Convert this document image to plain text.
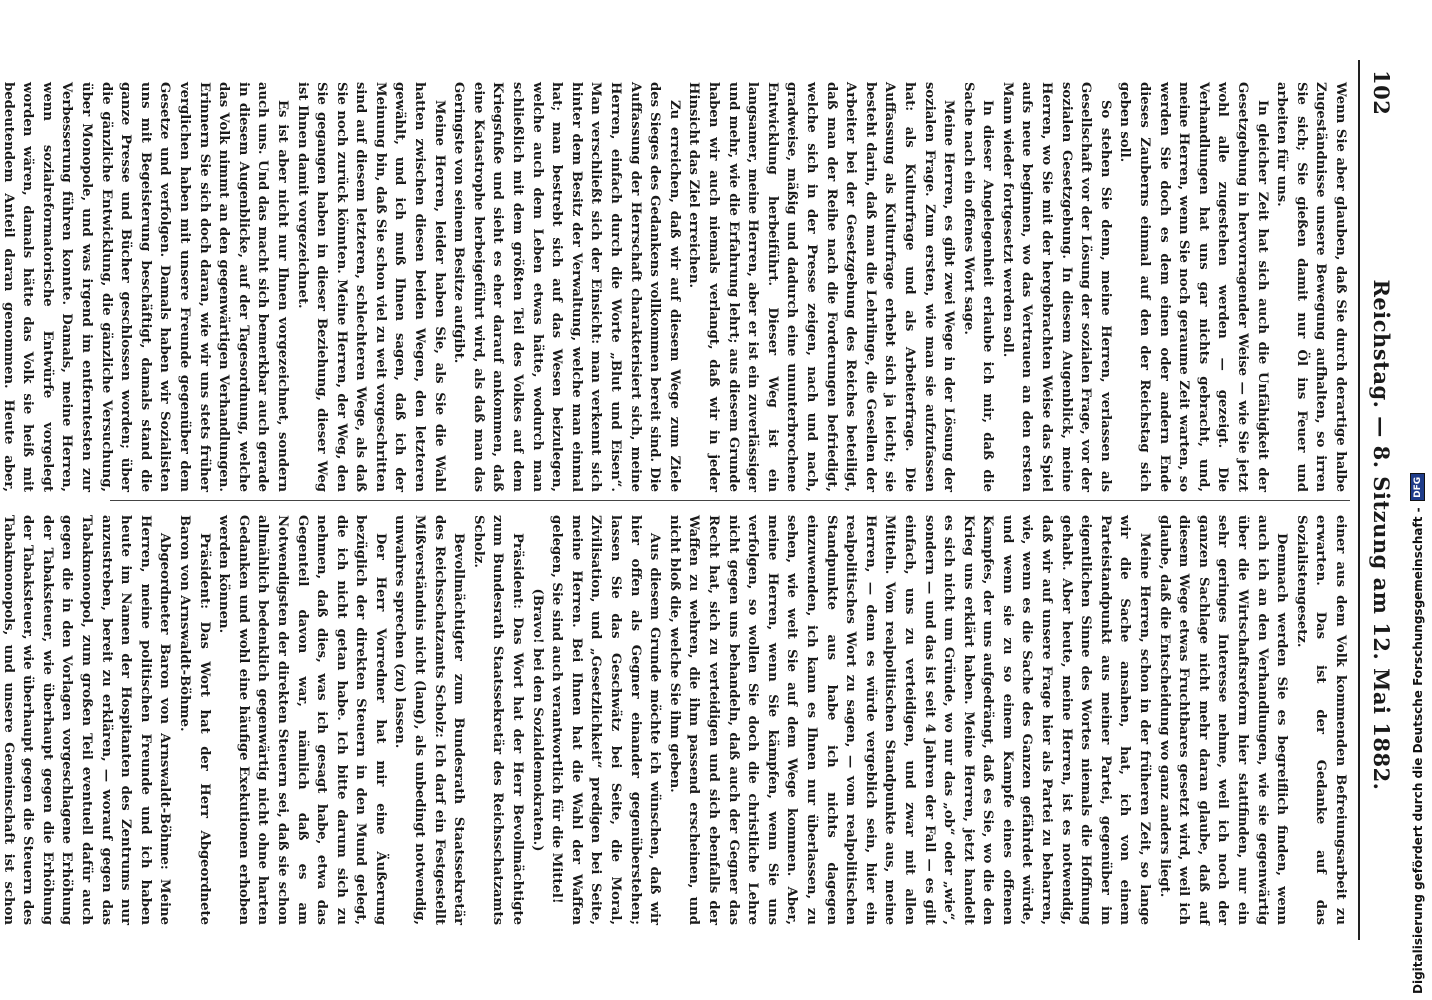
102
Reichstag. — 8. Sitzung am 12. Mai 1882.

Wenn Sie aber glauben, daß Sie durch derartige halbe Zugeständnisse unsere Bewegung aufhalten, so irren Sie sich; Sie gießen damit nur Öl ins Feuer und arbeiten für uns.

In gleicher Zeit hat sich auch die Unfähigkeit der Gesetzgebung in hervorragender Weise — wie Sie jetzt wohl alle zugestehen werden — gezeigt. Die Verhandlungen hat uns gar nichts gebracht, und, meine Herren, wenn Sie noch geraume Zeit warten, so werden Sie doch es dem einen oder andern Ende dieses Zauberns einmal auf den der Reichstag sich geben soll.

So stehen Sie denn, meine Herren, verlassen als Gesellschaft vor der Lösung der sozialen Frage, vor der sozialen Gesetzgebung. In diesem Augenblick, meine Herren, wo Sie mit der hergebrachten Weise das Spiel aufs neue beginnen, wo das Vertrauen an den ersten Mann wieder fortgesetzt werden soll.

In dieser Angelegenheit erlaube ich mir, daß die Sache nach ein offenes Wort sage.

Meine Herren, es gibt zwei Wege in der Lösung der sozialen Frage. Zum ersten, wie man sie aufzufassen hat: als Kulturfrage und als Arbeiterfrage. Die Auffassung als Kulturfrage erhebt sich ja leicht; sie besteht darin, daß man die Lehrlinge, die Gesellen der Arbeiter bei der Gesetzgebung des Reiches beteiligt, daß man der Reihe nach die Forderungen befriedigt, welche sich in der Presse zeigen, nach und nach, gradweise, mäßig und dadurch eine ununterbrochene Entwicklung herbeiführt. Dieser Weg ist ein langsamer, meine Herren, aber er ist ein zuverlässiger und mehr, wie die Erfahrung lehrt; aus diesem Grunde haben wir auch niemals verlangt, daß wir in jeder Hinsicht das Ziel erreichen.

Zu erreichen, daß wir auf diesem Wege zum Ziele des Sieges des Gedankens vollkommen bereit sind. Die Auffassung der Herrschaft charakterisiert sich, meine Herren, einfach durch die Worte „Blut und Eisen“. Man verschließt sich der Einsicht: man verkennt sich hinter dem Besitz der Verwaltung, welche man einmal hat; man bestrebt sich auf das Wesen beizulegen, welche auch dem Leben etwas hätte, wodurch man schließlich mit dem größten Teil des Volkes auf dem Kriegsfuße und sieht es eher darauf ankommen, daß eine Katastrophe herbeigeführt wird, als daß man das Geringste von seinem Besitze aufgibt.

Meine Herren, leider haben Sie, als Sie die Wahl hatten zwischen diesen beiden Wegen, den letzteren gewählt, und ich muß Ihnen sagen, daß ich der Meinung bin, daß Sie schon viel zu weit vorgeschritten sind auf diesem letzteren, schlechteren Wege, als daß Sie noch zurück könnten. Meine Herren, der Weg, den Sie gegangen haben in dieser Beziehung, dieser Weg ist Ihnen damit vorgezeichnet.

Es ist aber nicht nur Ihnen vorgezeichnet, sondern auch uns. Und das macht sich bemerkbar auch gerade in diesem Augenblicke, auf der Tagesordnung, welche das Volk nimmt an den gegenwärtigen Verhandlungen. Erinnern Sie sich doch daran, wie wir uns stets früher verglichen haben mit unsere Freunde gegenüber dem Gesetze und verfolgen. Damals haben wir Sozialisten uns mit Begeisterung beschäftigt, damals stand die ganze Presse und Bücher geschlossen worden; über die gänzliche Entwicklung, die gänzliche Versuchung, über Monopole, und was irgend im entferntesten zur Verbesserung führen konnte. Damals, meine Herren, wenn sozialreformatorische Entwürfe vorgelegt worden wären, damals hätte das Volk sie heiß mit bedeutendem Anteil daran genommen. Heute aber,

einer aus dem Volk kommenden Befreiungsarbeit zu erwarten. Das ist der Gedanke auf das Sozialistengesetz.

Demnach werden Sie es begreiflich finden, wenn auch ich an den Verhandlungen, wie sie gegenwärtig über die Wirtschaftsreform hier stattfinden, nur ein sehr geringes Interesse nehme, weil ich noch der ganzen Sachlage nicht mehr daran glaube, daß auf diesem Wege etwas Fruchtbares gesetzt wird, weil ich glaube, daß die Entscheidung wo ganz anders liegt.

Meine Herren, schon in der früheren Zeit, so lange wir die Sache ansahen, hat, ich von einem Parteistandpunkt aus meiner Partei, gegenüber im eigentlichen Sinne des Wortes niemals die Hoffnung gehabt. Aber heute, meine Herren, ist es notwendig, daß wir auf unsere Frage hier als Partei zu beharren, wie, wenn es die Sache des Ganzen gefährdet würde, und wenn sie zu so einem Kampfe eines offenen Kampfes, der uns aufgedrängt, daß es Sie, wo die den Krieg uns erklärt haben. Meine Herren, jetzt handelt es sich nicht um Gründe, wo nur das „ob“ oder „wie“, sondern — und das ist seit 4 Jahren der Fall — es gilt einfach, uns zu verteidigen, und zwar mit allen Mitteln. Vom realpolitischen Standpunkte aus, meine Herren, — denn es würde vergeblich sein, hier ein realpolitisches Wort zu sagen, — vom realpolitischen Standpunkte aus habe ich nichts dagegen einzuwenden, ich kann es Ihnen nur überlassen, zu sehen, wie weit Sie auf dem Wege kommen. Aber, meine Herren, wenn Sie kämpfen, wenn Sie uns verfolgen, so wollen Sie doch die christliche Lehre nicht gegen uns behandeln, daß auch der Gegner das Recht hat, sich zu verteidigen und sich ebenfalls der Waffen zu wehren, die ihm passend erscheinen, und nicht bloß die, welche Sie ihm geben.

Aus diesem Grunde möchte ich wünschen, daß wir hier offen als Gegner einander gegenüberstehen; lassen Sie das Geschwätz bei Seite, die Moral, Zivilisation, und „Gesetzlichkeit“ predigen bei Seite, meine Herren. Bei Ihnen hat die Wahl der Waffen gelegen, Sie sind auch verantwortlich für die Mittel!

(Bravo! bei den Sozialdemokraten.)

Präsident: Das Wort hat der Herr Bevollmächtigte zum Bundesrath Staatssekretär des Reichsschatzamts Scholz.

Bevollmächtigter zum Bundesrath Staatssekretär des Reichsschatzamts Scholz: Ich darf ein Festgestellt Mißverständnis nicht (lang), als unbedingt notwendig, unwahres sprechen (zu) lassen.

Der Herr Vorredner hat mir eine Äußerung bezüglich der direkten Steuern in den Mund gelegt, die ich nicht getan habe. Ich bitte darum sich zu nehmen, daß dies, was ich gesagt habe, etwa das Gegenteil davon war, nämlich daß es am Notwendigsten der direkten Steuern sei, daß sie schon allmählich bedenklich gegenwärtig nicht ohne harten Gedanken und wohl eine häufige Exekutionen erhoben werden können.

Präsident: Das Wort hat der Herr Abgeordnete Baron von Arnswaldt-Böhme.

Abgeordneter Baron von Arnswaldt-Böhme: Meine Herren, meine politischen Freunde und ich haben heute im Namen der Hospitanten des Zentrums nur anzustreben, bereit zu erklären, — worauf gegen das Tabakmonopol, zum großen Teil eventuell dafür auch gegen die in den Vorlagen vorgeschlagene Erhöhung der Tabaksteuer, wie überhaupt gegen die Erhöhung der Tabaksteuer, wie überhaupt gegen die Steuern des Tabakmonopols, und unsere Gemeinschaft ist schon	Digitalisierung gefördert durch die Deutsche Forschungsgemeinschaft -
DFG
